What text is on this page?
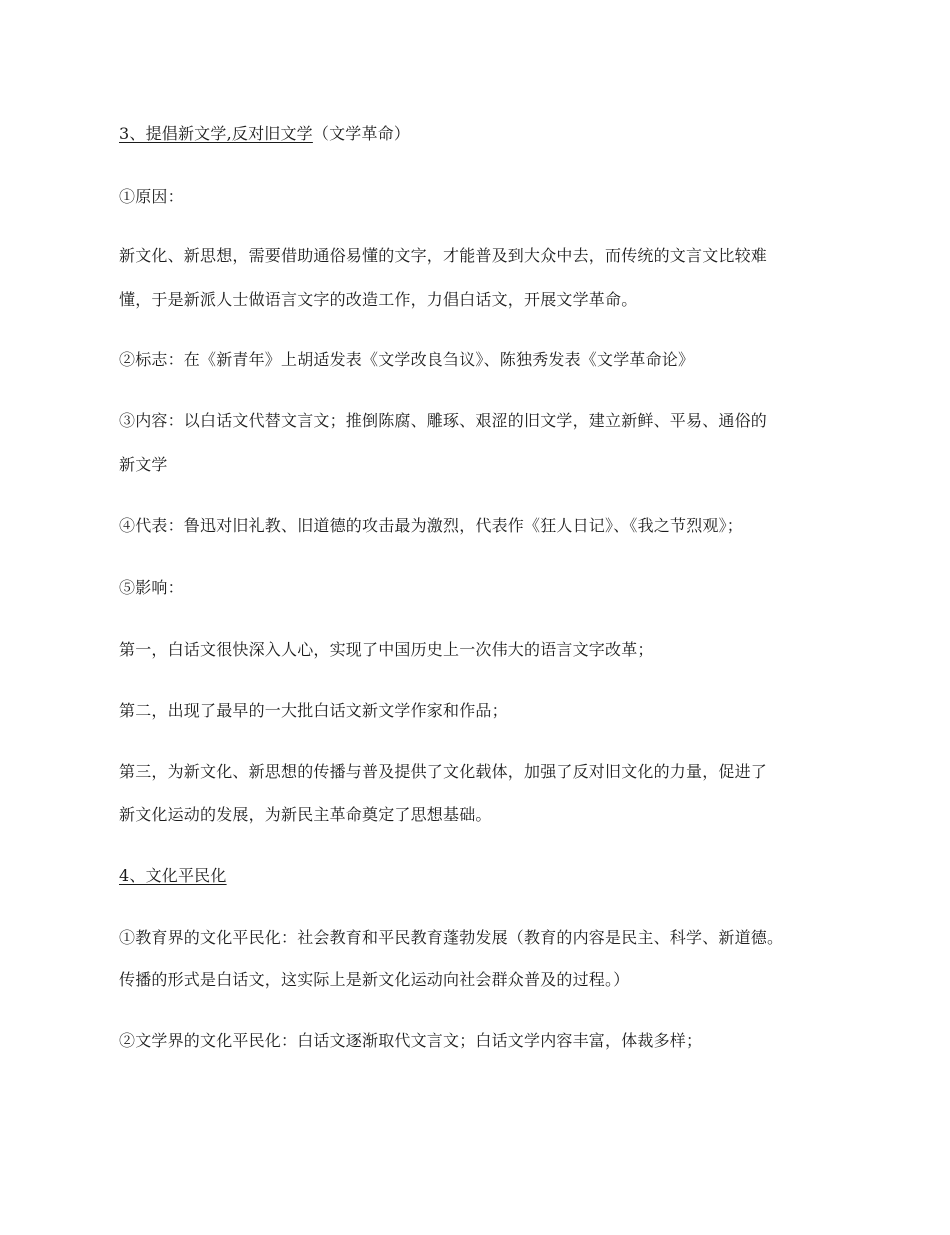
3、提倡新文学,反对旧文学（文学革命）
①原因：
新文化、新思想，需要借助通俗易懂的文字，才能普及到大众中去，而传统的文言文比较难
懂，于是新派人士做语言文字的改造工作，力倡白话文，开展文学革命。
②标志：在《新青年》上胡适发表《文学改良刍议》、陈独秀发表《文学革命论》
③内容：以白话文代替文言文；推倒陈腐、雕琢、艰涩的旧文学，建立新鲜、平易、通俗的
新文学
④代表：鲁迅对旧礼教、旧道德的攻击最为激烈，代表作《狂人日记》、《我之节烈观》；
⑤影响：
第一，白话文很快深入人心，实现了中国历史上一次伟大的语言文字改革；
第二，出现了最早的一大批白话文新文学作家和作品；
第三，为新文化、新思想的传播与普及提供了文化载体，加强了反对旧文化的力量，促进了
新文化运动的发展，为新民主革命奠定了思想基础。
4、文化平民化
①教育界的文化平民化：社会教育和平民教育蓬勃发展（教育的内容是民主、科学、新道德。
传播的形式是白话文，这实际上是新文化运动向社会群众普及的过程。）
②文学界的文化平民化：白话文逐渐取代文言文；白话文学内容丰富，体裁多样；
